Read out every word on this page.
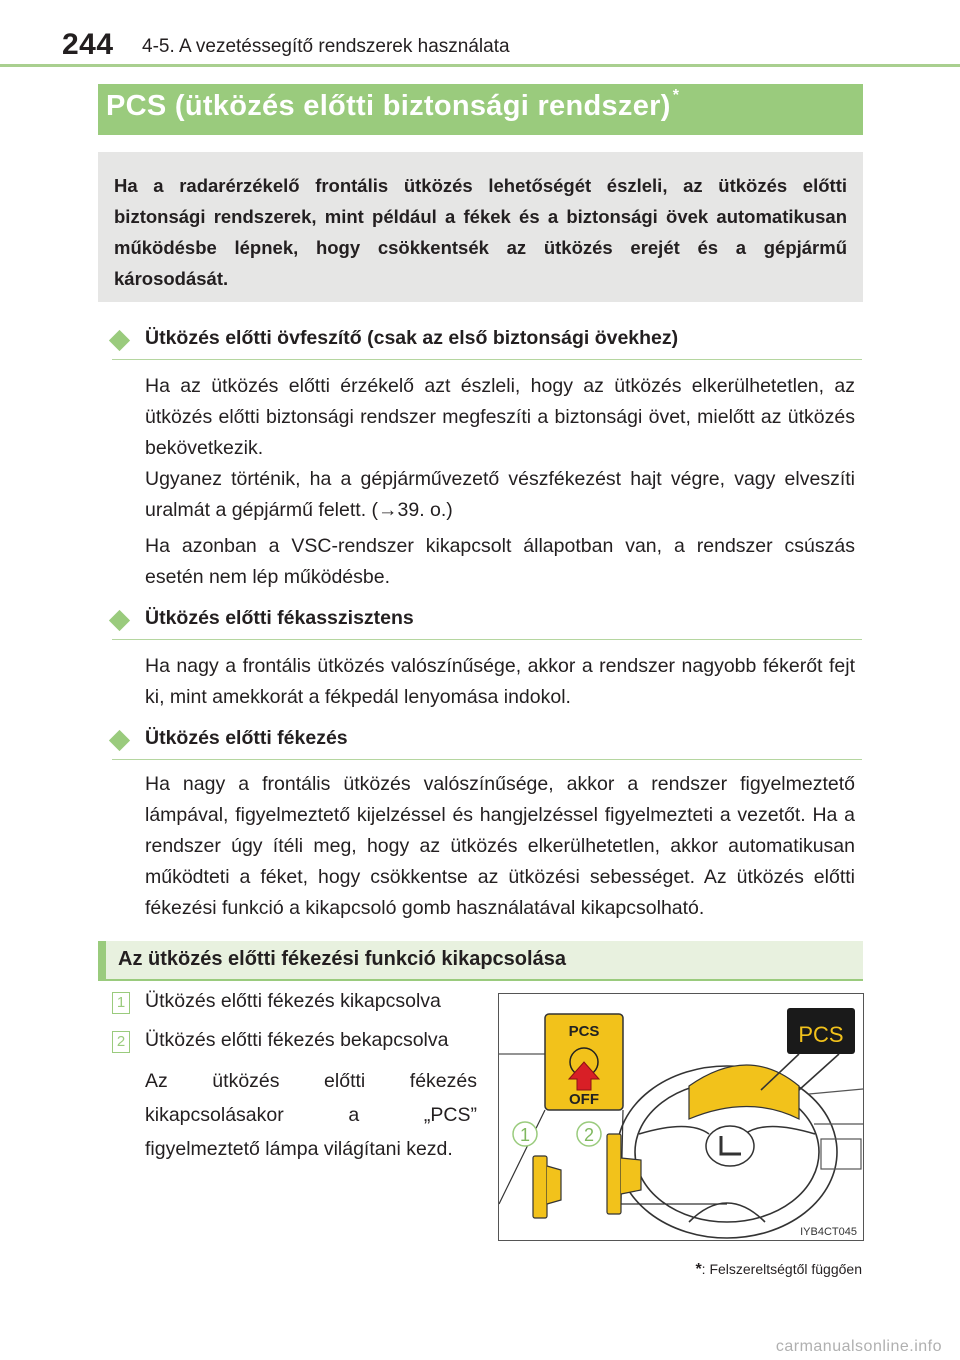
244 4-5. A vezetéssegítő rendszerek használata
PCS (ütközés előtti biztonsági rendszer) *
Ha a radarérzékelő frontális ütközés lehetőségét észleli, az ütközés előtti biztonsági rendszerek, mint például a fékek és a biztonsági övek automatikusan működésbe lépnek, hogy csökkentsék az ütközés erejét és a gépjármű károsodását.
Ütközés előtti övfeszítő (csak az első biztonsági övekhez)
Ha az ütközés előtti érzékelő azt észleli, hogy az ütközés elkerülhetetlen, az ütközés előtti biztonsági rendszer megfeszíti a biztonsági övet, mielőtt az ütközés bekövetkezik.
Ugyanez történik, ha a gépjárművezető vészfékezést hajt végre, vagy elveszíti uralmát a gépjármű felett. (→39. o.)
Ha azonban a VSC-rendszer kikapcsolt állapotban van, a rendszer csúszás esetén nem lép működésbe.
Ütközés előtti fékasszisztens
Ha nagy a frontális ütközés valószínűsége, akkor a rendszer nagyobb fékerőt fejt ki, mint amekkorát a fékpedál lenyomása indokol.
Ütközés előtti fékezés
Ha nagy a frontális ütközés valószínűsége, akkor a rendszer figyelmeztető lámpával, figyelmeztető kijelzéssel és hangjelzéssel figyelmezteti a vezetőt. Ha a rendszer úgy ítéli meg, hogy az ütközés elkerülhetetlen, akkor automatikusan működteti a féket, hogy csökkentse az ütközési sebességet. Az ütközés előtti fékezési funkció a kikapcsoló gomb használatával kikapcsolható.
Az ütközés előtti fékezési funkció kikapcsolása
1 Ütközés előtti fékezés kikapcsolva
2 Ütközés előtti fékezés bekapcsolva
Az ütközés előtti fékezés kikapcsolásakor a „PCS” figyelmeztető lámpa világítani kezd.
PCS
PCS
OFF
1	2
IYB4CT045
*: Felszereltségtől függően
carmanualsonline.info
